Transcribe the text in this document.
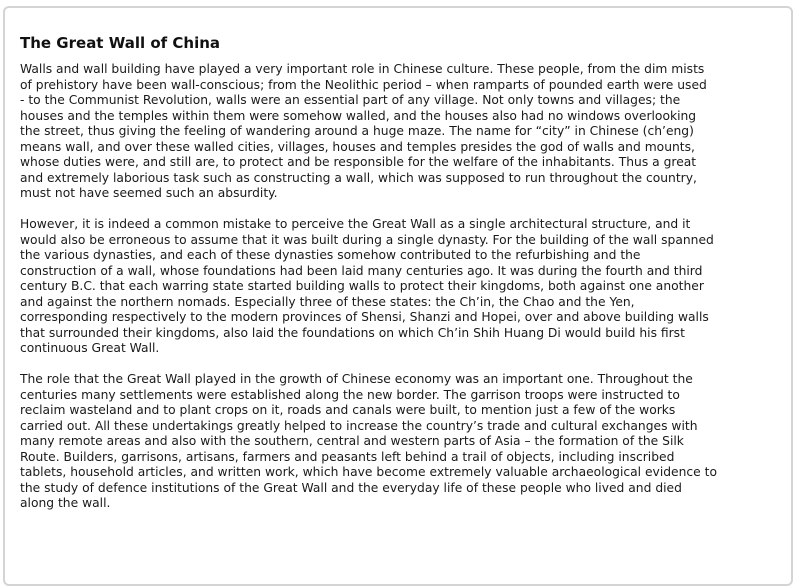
The Great Wall of China

Walls and wall building have played a very important role in Chinese culture. These people, from the dim mists
of prehistory have been wall-conscious; from the Neolithic period – when ramparts of pounded earth were used
- to the Communist Revolution, walls were an essential part of any village. Not only towns and villages; the
houses and the temples within them were somehow walled, and the houses also had no windows overlooking
the street, thus giving the feeling of wandering around a huge maze. The name for “city” in Chinese (ch’eng)
means wall, and over these walled cities, villages, houses and temples presides the god of walls and mounts,
whose duties were, and still are, to protect and be responsible for the welfare of the inhabitants. Thus a great
and extremely laborious task such as constructing a wall, which was supposed to run throughout the country,
must not have seemed such an absurdity.

However, it is indeed a common mistake to perceive the Great Wall as a single architectural structure, and it
would also be erroneous to assume that it was built during a single dynasty. For the building of the wall spanned
the various dynasties, and each of these dynasties somehow contributed to the refurbishing and the
construction of a wall, whose foundations had been laid many centuries ago. It was during the fourth and third
century B.C. that each warring state started building walls to protect their kingdoms, both against one another
and against the northern nomads. Especially three of these states: the Ch’in, the Chao and the Yen,
corresponding respectively to the modern provinces of Shensi, Shanzi and Hopei, over and above building walls
that surrounded their kingdoms, also laid the foundations on which Ch’in Shih Huang Di would build his first
continuous Great Wall.

The role that the Great Wall played in the growth of Chinese economy was an important one. Throughout the
centuries many settlements were established along the new border. The garrison troops were instructed to
reclaim wasteland and to plant crops on it, roads and canals were built, to mention just a few of the works
carried out. All these undertakings greatly helped to increase the country’s trade and cultural exchanges with
many remote areas and also with the southern, central and western parts of Asia – the formation of the Silk
Route. Builders, garrisons, artisans, farmers and peasants left behind a trail of objects, including inscribed
tablets, household articles, and written work, which have become extremely valuable archaeological evidence to
the study of defence institutions of the Great Wall and the everyday life of these people who lived and died
along the wall.
